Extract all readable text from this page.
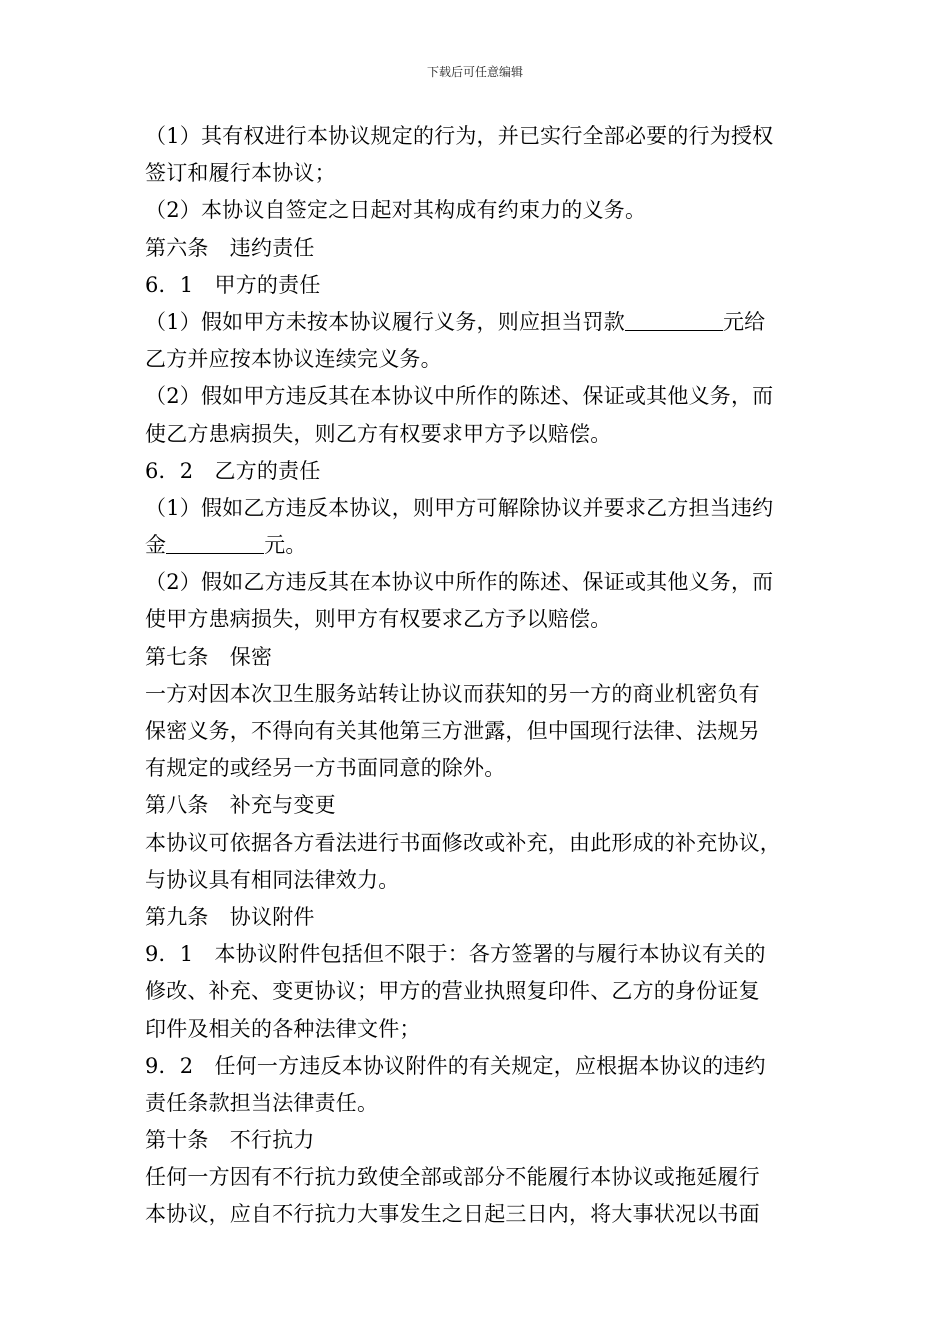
下载后可任意编辑
（1）其有权进行本协议规定的行为，并已实行全部必要的行为授权
签订和履行本协议；
（2）本协议自签定之日起对其构成有约束力的义务。
第六条　违约责任
6．1　甲方的责任
（1）假如甲方未按本协议履行义务，则应担当罚款	元给
乙方并应按本协议连续完义务。
（2）假如甲方违反其在本协议中所作的陈述、保证或其他义务，而
使乙方患病损失，则乙方有权要求甲方予以赔偿。
6．2　乙方的责任
（1）假如乙方违反本协议，则甲方可解除协议并要求乙方担当违约
金	元。
（2）假如乙方违反其在本协议中所作的陈述、保证或其他义务，而
使甲方患病损失，则甲方有权要求乙方予以赔偿。
第七条　保密
一方对因本次卫生服务站转让协议而获知的另一方的商业机密负有
保密义务，不得向有关其他第三方泄露，但中国现行法律、法规另
有规定的或经另一方书面同意的除外。
第八条　补充与变更
本协议可依据各方看法进行书面修改或补充，由此形成的补充协议，
与协议具有相同法律效力。
第九条　协议附件
9．1　本协议附件包括但不限于：各方签署的与履行本协议有关的
修改、补充、变更协议；甲方的营业执照复印件、乙方的身份证复
印件及相关的各种法律文件；
9．2　任何一方违反本协议附件的有关规定，应根据本协议的违约
责任条款担当法律责任。
第十条　不行抗力
任何一方因有不行抗力致使全部或部分不能履行本协议或拖延履行
本协议，应自不行抗力大事发生之日起三日内，将大事状况以书面
